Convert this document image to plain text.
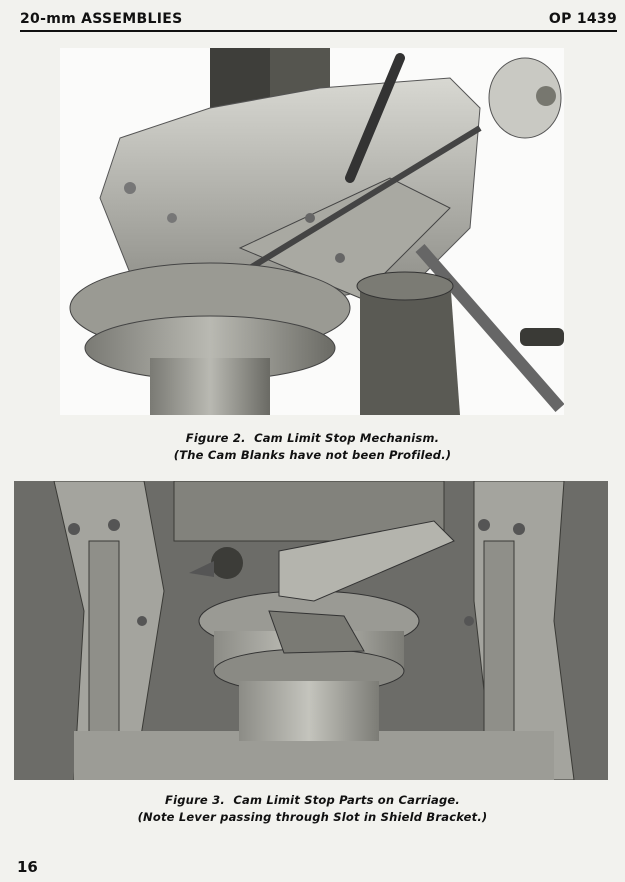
20-mm ASSEMBLIES	OP 1439
Figure 2. Cam Limit Stop Mechanism.
(The Cam Blanks have not been Profiled.)
Figure 3. Cam Limit Stop Parts on Carriage.
(Note Lever passing through Slot in Shield Bracket.)
16
